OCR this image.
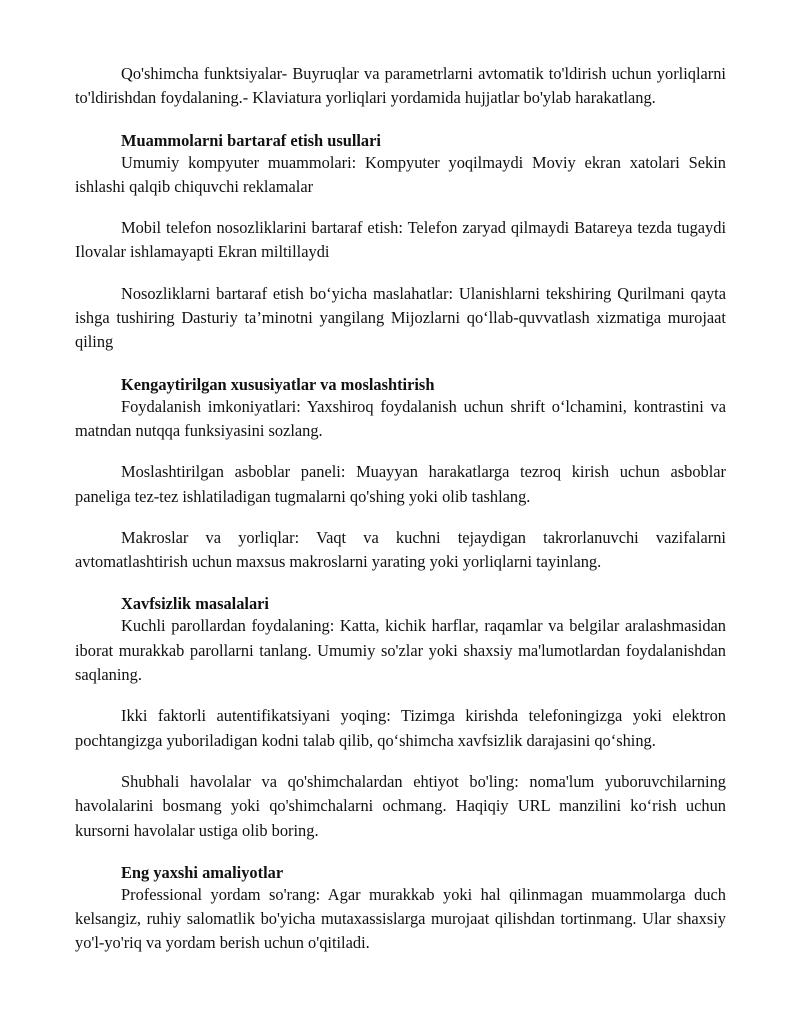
Qo'shimcha funktsiyalar- Buyruqlar va parametrlarni avtomatik to'ldirish uchun yorliqlarni to'ldirishdan foydalaning.- Klaviatura yorliqlari yordamida hujjatlar bo'ylab harakatlang.

Muammolarni bartaraf etish usullari

Umumiy kompyuter muammolari: Kompyuter yoqilmaydi Moviy ekran xatolari Sekin ishlashi qalqib chiquvchi reklamalar

Mobil telefon nosozliklarini bartaraf etish: Telefon zaryad qilmaydi Batareya tezda tugaydi Ilovalar ishlamayapti Ekran miltillaydi

Nosozliklarni bartaraf etish bo‘yicha maslahatlar: Ulanishlarni tekshiring Qurilmani qayta ishga tushiring Dasturiy ta’minotni yangilang Mijozlarni qo‘llab-quvvatlash xizmatiga murojaat qiling

Kengaytirilgan xususiyatlar va moslashtirish

Foydalanish imkoniyatlari: Yaxshiroq foydalanish uchun shrift o‘lchamini, kontrastini va matndan nutqqa funksiyasini sozlang.

Moslashtirilgan asboblar paneli: Muayyan harakatlarga tezroq kirish uchun asboblar paneliga tez-tez ishlatiladigan tugmalarni qo'shing yoki olib tashlang.

Makroslar va yorliqlar: Vaqt va kuchni tejaydigan takrorlanuvchi vazifalarni avtomatlashtirish uchun maxsus makroslarni yarating yoki yorliqlarni tayinlang.

Xavfsizlik masalalari

Kuchli parollardan foydalaning: Katta, kichik harflar, raqamlar va belgilar aralashmasidan iborat murakkab parollarni tanlang. Umumiy so'zlar yoki shaxsiy ma'lumotlardan foydalanishdan saqlaning.

Ikki faktorli autentifikatsiyani yoqing: Tizimga kirishda telefoningizga yoki elektron pochtangizga yuboriladigan kodni talab qilib, qo‘shimcha xavfsizlik darajasini qo‘shing.

Shubhali havolalar va qo'shimchalardan ehtiyot bo'ling: noma'lum yuboruvchilarning havolalarini bosmang yoki qo'shimchalarni ochmang. Haqiqiy URL manzilini ko‘rish uchun kursorni havolalar ustiga olib boring.

Eng yaxshi amaliyotlar

Professional yordam so'rang: Agar murakkab yoki hal qilinmagan muammolarga duch kelsangiz, ruhiy salomatlik bo'yicha mutaxassislarga murojaat qilishdan tortinmang. Ular shaxsiy yo'l-yo'riq va yordam berish uchun o'qitiladi.
